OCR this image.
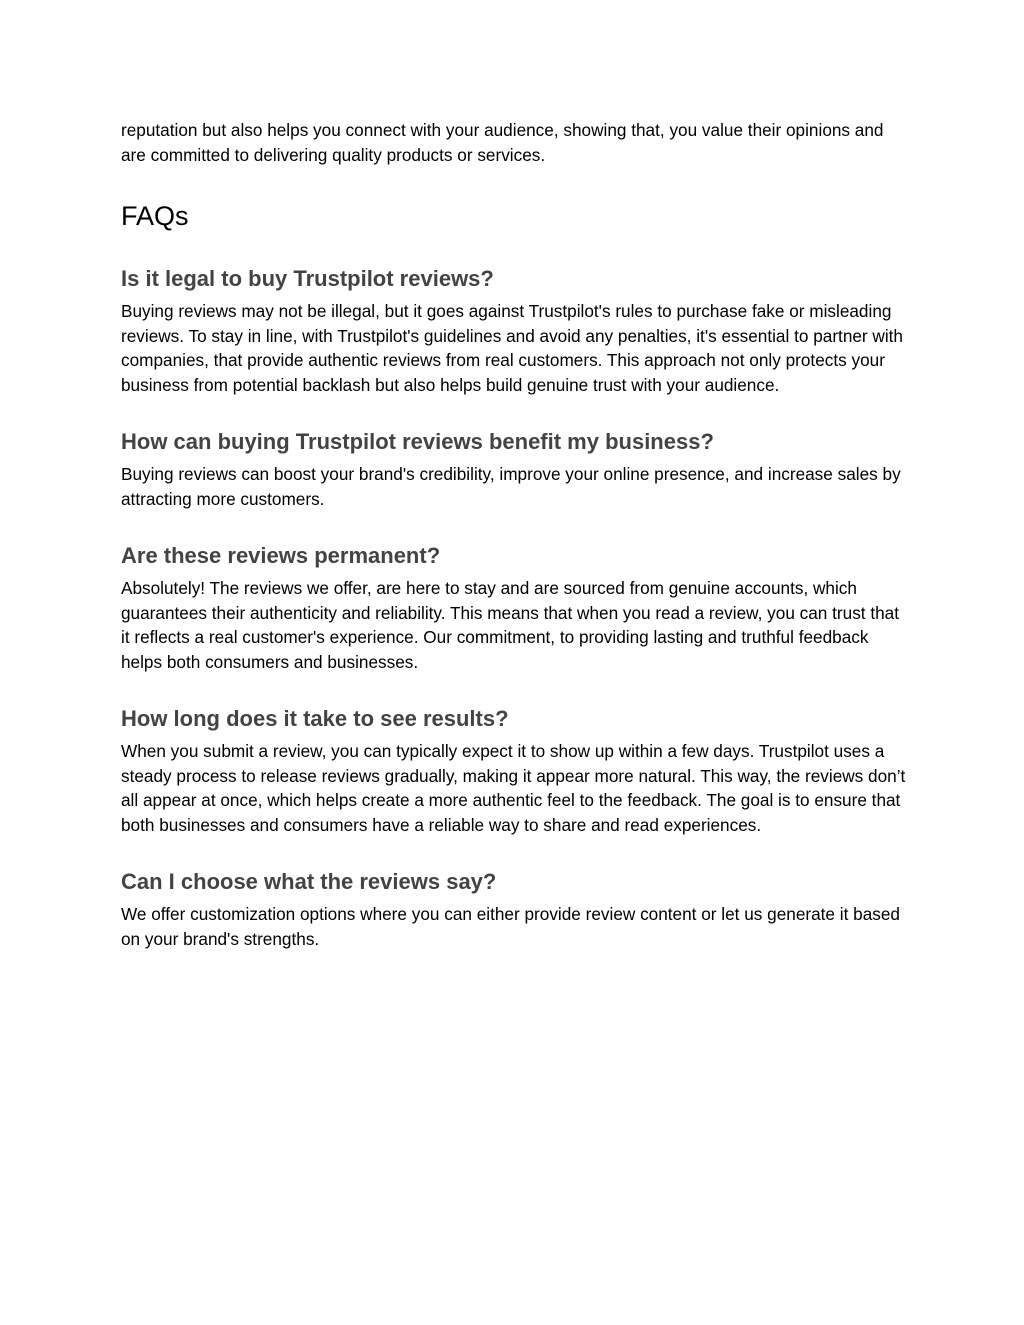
reputation but also helps you connect with your audience, showing that, you value their opinions and are committed to delivering quality products or services.

FAQs
Is it legal to buy Trustpilot reviews?

Buying reviews may not be illegal, but it goes against Trustpilot's rules to purchase fake or misleading reviews. To stay in line, with Trustpilot's guidelines and avoid any penalties, it's essential to partner with companies, that provide authentic reviews from real customers. This approach not only protects your business from potential backlash but also helps build genuine trust with your audience.

How can buying Trustpilot reviews benefit my business?

Buying reviews can boost your brand's credibility, improve your online presence, and increase sales by attracting more customers.

Are these reviews permanent?

Absolutely! The reviews we offer, are here to stay and are sourced from genuine accounts, which guarantees their authenticity and reliability. This means that when you read a review, you can trust that it reflects a real customer's experience. Our commitment, to providing lasting and truthful feedback helps both consumers and businesses.

How long does it take to see results?

When you submit a review, you can typically expect it to show up within a few days. Trustpilot uses a steady process to release reviews gradually, making it appear more natural. This way, the reviews don’t all appear at once, which helps create a more authentic feel to the feedback. The goal is to ensure that both businesses and consumers have a reliable way to share and read experiences.

Can I choose what the reviews say?

We offer customization options where you can either provide review content or let us generate it based on your brand's strengths.
